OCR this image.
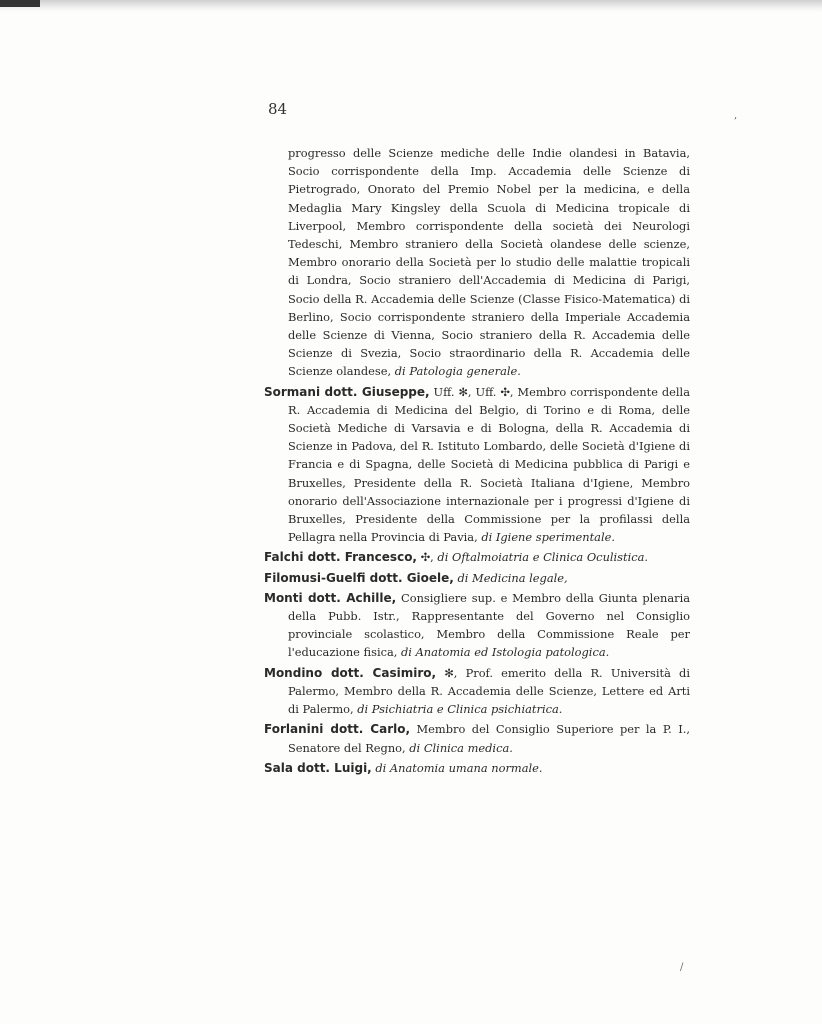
84

progresso delle Scienze mediche delle Indie olandesi in Batavia, Socio corrispondente della Imp. Accademia delle Scienze di Pietrogrado, Onorato del Premio Nobel per la medicina, e della Medaglia Mary Kingsley della Scuola di Medicina tropicale di Liverpool, Membro corrispondente della società dei Neurologi Tedeschi, Membro straniero della Società olandese delle scienze, Membro onorario della Società per lo studio delle malattie tropicali di Londra, Socio straniero dell'Accademia di Medicina di Parigi, Socio della R. Accademia delle Scienze (Classe Fisico-Matematica) di Berlino, Socio corrispondente straniero della Imperiale Accademia delle Scienze di Vienna, Socio straniero della R. Accademia delle Scienze di Svezia, Socio straordinario della R. Accademia delle Scienze olandese, di Patologia generale.

Sormani dott. Giuseppe, Uff. ✻, Uff. ✣, Membro corrispondente della R. Accademia di Medicina del Belgio, di Torino e di Roma, delle Società Mediche di Varsavia e di Bologna, della R. Accademia di Scienze in Padova, del R. Istituto Lombardo, delle Società d'Igiene di Francia e di Spagna, delle Società di Medicina pubblica di Parigi e Bruxelles, Presidente della R. Società Italiana d'Igiene, Membro onorario dell'Associazione internazionale per i progressi d'Igiene di Bruxelles, Presidente della Commissione per la profilassi della Pellagra nella Provincia di Pavia, di Igiene sperimentale.

Falchi dott. Francesco, ✣, di Oftalmoiatria e Clinica Oculistica.

Filomusi-Guelfi dott. Gioele, di Medicina legale,

Monti dott. Achille, Consigliere sup. e Membro della Giunta plenaria della Pubb. Istr., Rappresentante del Governo nel Consiglio provinciale scolastico, Membro della Commissione Reale per l'educazione fisica, di Anatomia ed Istologia patologica.

Mondino dott. Casimiro, ✻, Prof. emerito della R. Università di Palermo, Membro della R. Accademia delle Scienze, Lettere ed Arti di Palermo, di Psichiatria e Clinica psichiatrica.

Forlanini dott. Carlo, Membro del Consiglio Superiore per la P. I., Senatore del Regno, di Clinica medica.

Sala dott. Luigi, di Anatomia umana normale.

,
/
